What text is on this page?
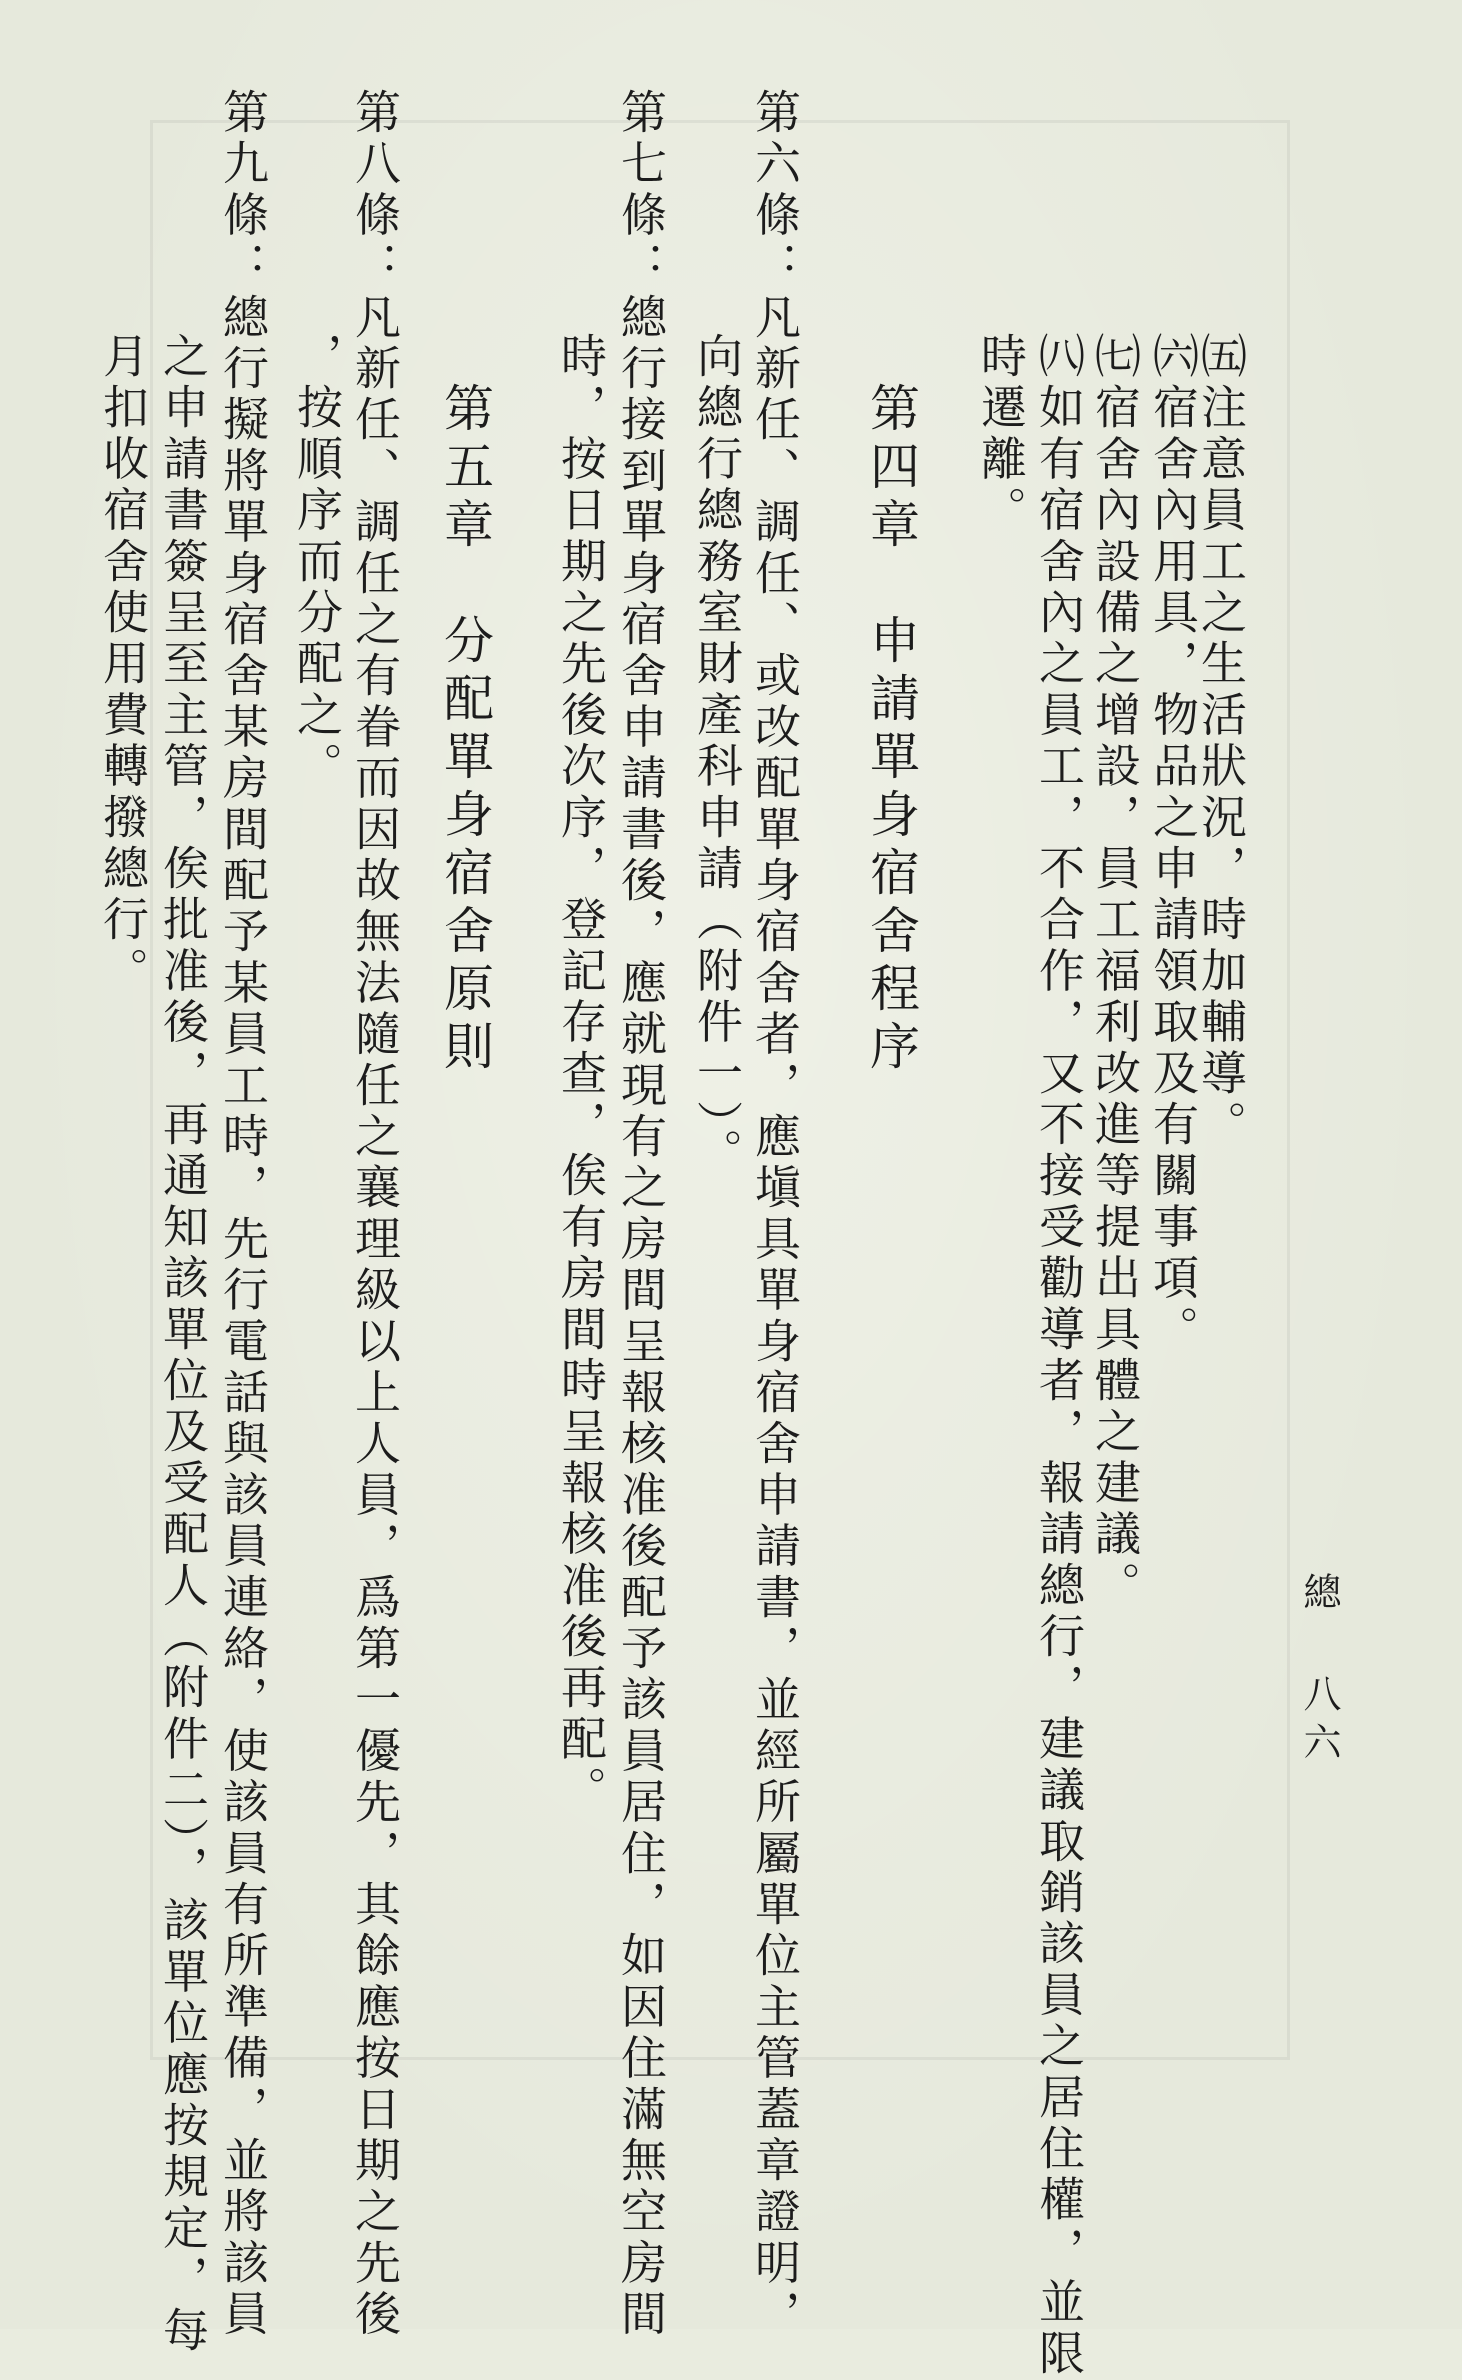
總 八六
㈤注意員工之生活狀況，時加輔導。
㈥宿舍內用具，物品之申請領取及有關事項。
㈦宿舍內設備之增設，員工福利改進等提出具體之建議。
㈧如有宿舍內之員工，不合作，又不接受勸導者，報請總行，建議取銷該員之居住權，並限
時遷離。
第四章　申請單身宿舍程序
第六條：凡新任、調任、或改配單身宿舍者，應塡具單身宿舍申請書，並經所屬單位主管蓋章證明，
向總行總務室財產科申請（附件一）。
第七條：總行接到單身宿舍申請書後，應就現有之房間呈報核准後配予該員居住，如因住滿無空房間
時，按日期之先後次序，登記存查，俟有房間時呈報核准後再配。
第五章　分配單身宿舍原則
第八條：凡新任、調任之有眷而因故無法隨任之襄理級以上人員，爲第一優先，其餘應按日期之先後
，按順序而分配之。
第九條：總行擬將單身宿舍某房間配予某員工時，先行電話與該員連絡，使該員有所準備，並將該員
之申請書簽呈至主管，俟批准後，再通知該單位及受配人（附件二），該單位應按規定，每
月扣收宿舍使用費轉撥總行。
